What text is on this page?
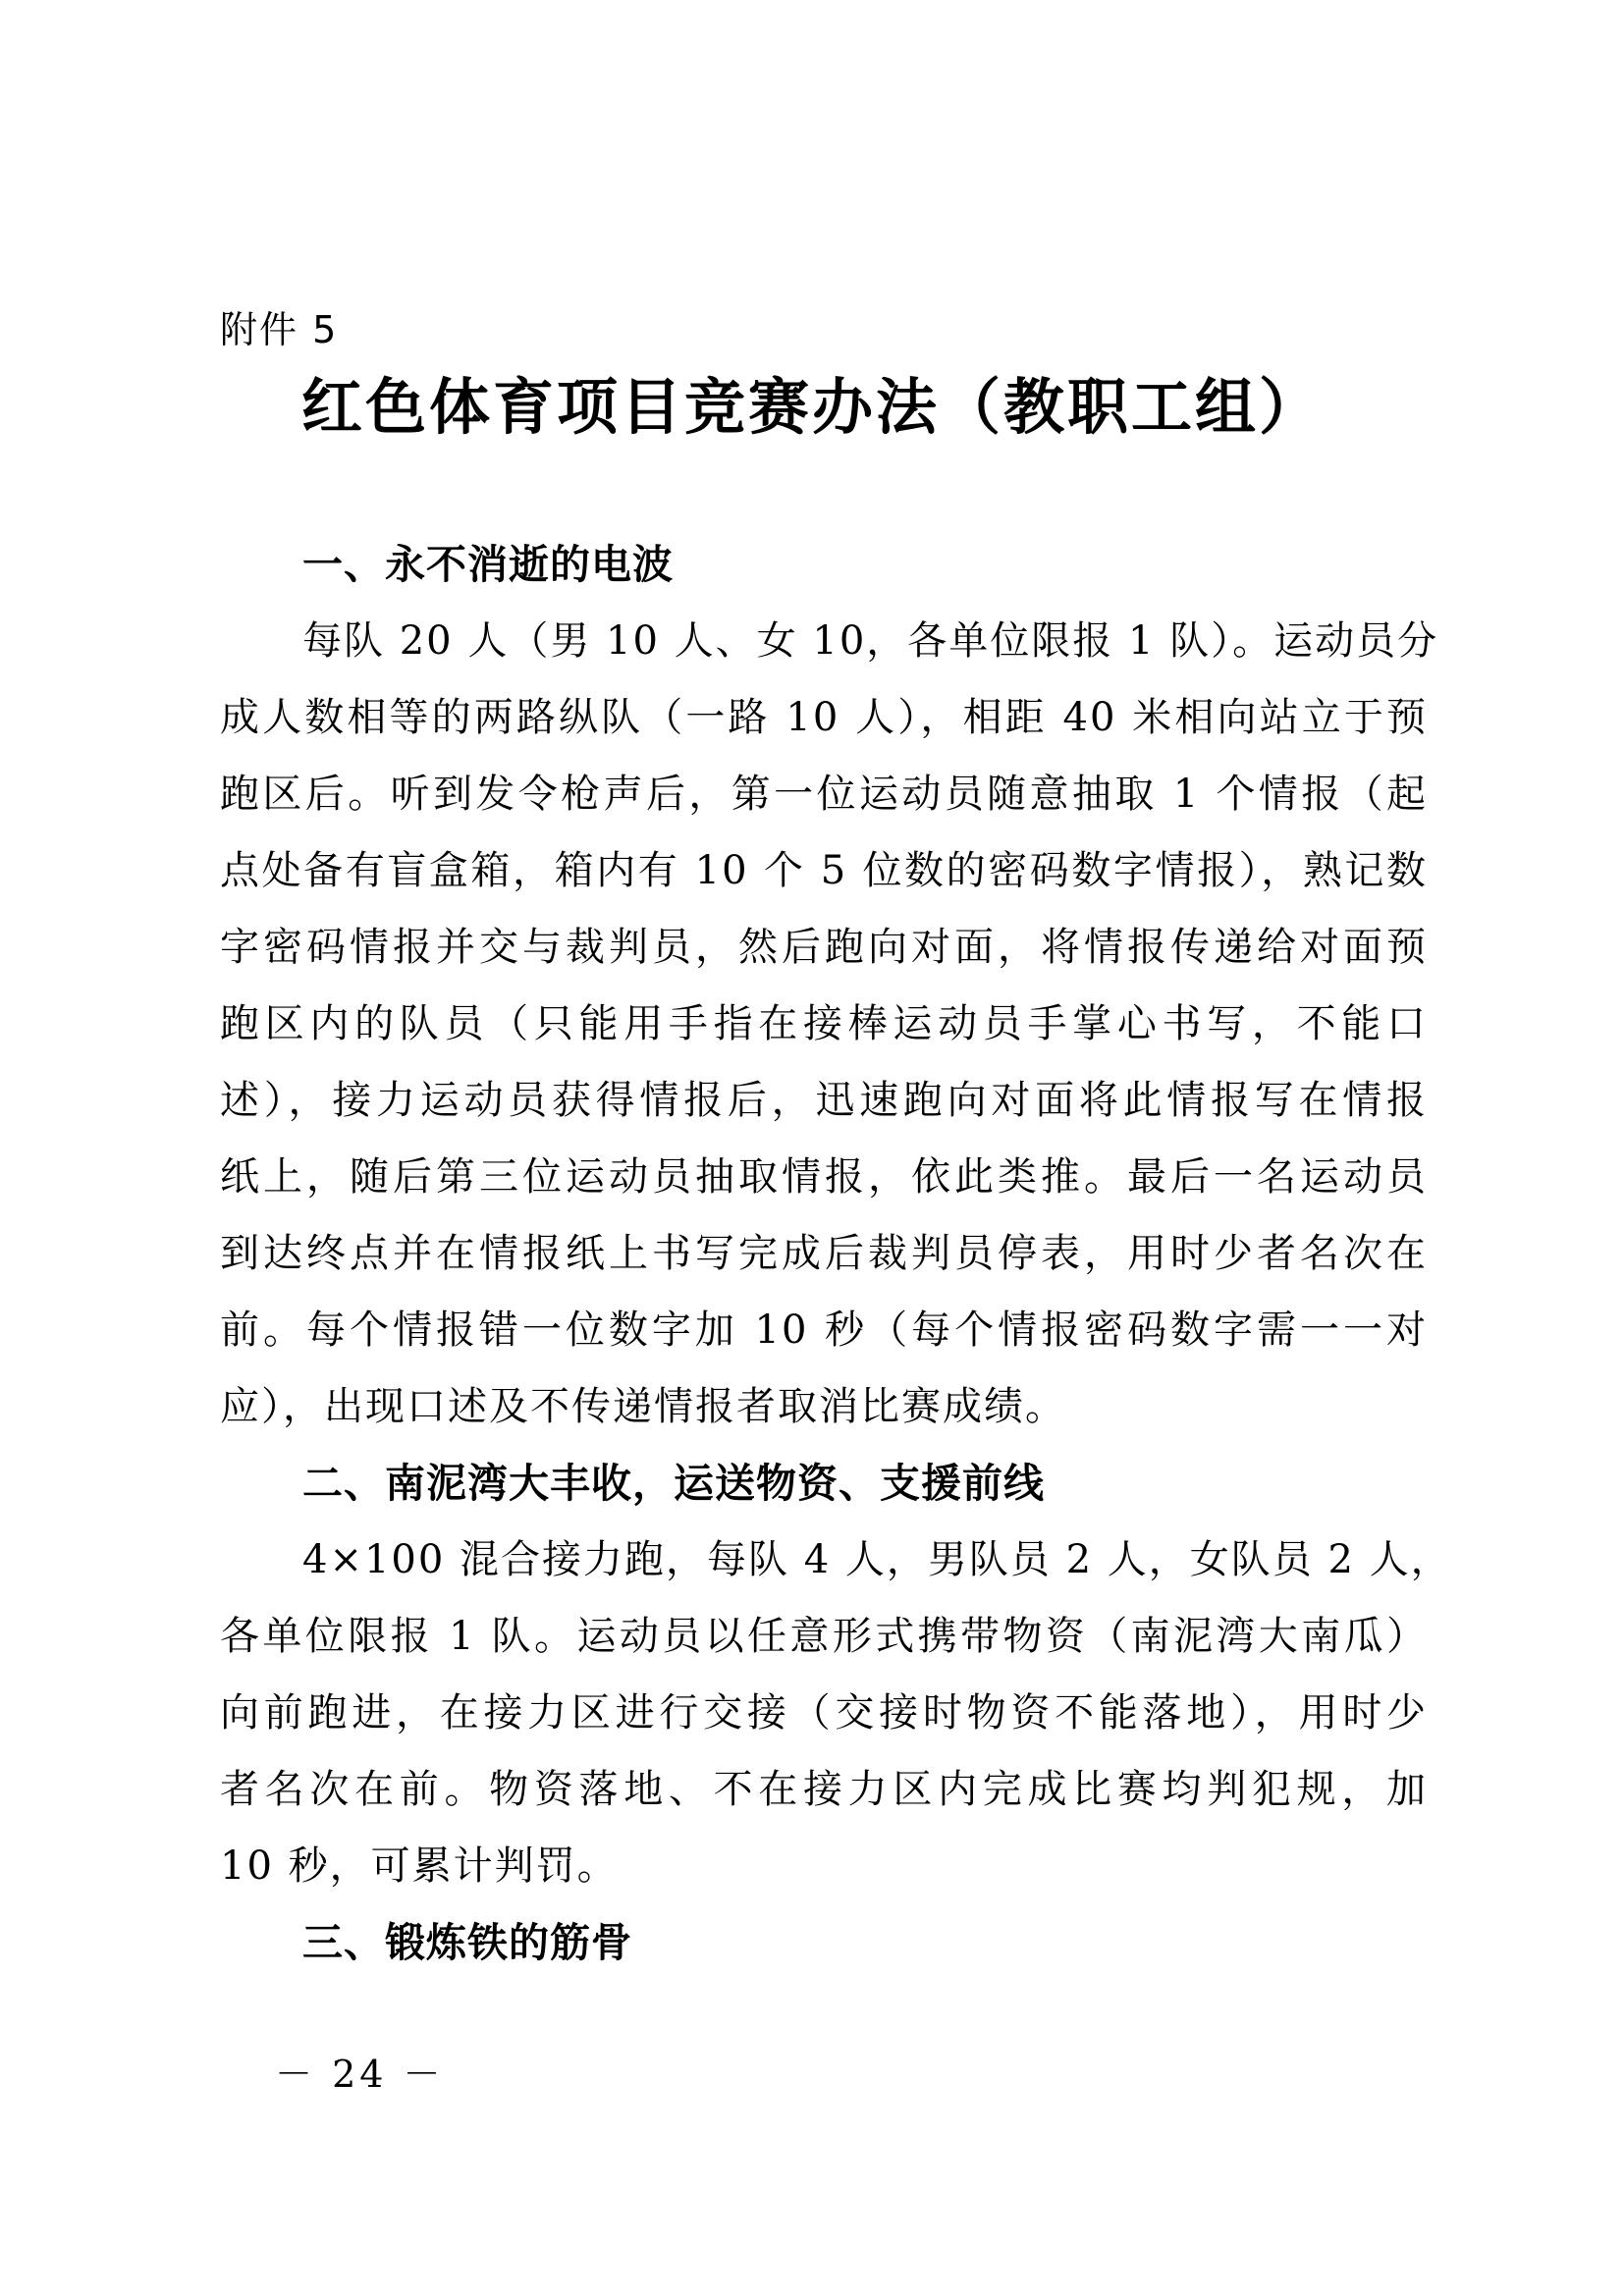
附件 5
红色体育项目竞赛办法（教职工组）
一、永不消逝的电波
每队 20 人（男 10 人、女 10，各单位限报 1 队）。运动员分
成人数相等的两路纵队（一路 10 人），相距 40 米相向站立于预
跑区后。听到发令枪声后，第一位运动员随意抽取 1 个情报（起
点处备有盲盒箱，箱内有 10 个 5 位数的密码数字情报），熟记数
字密码情报并交与裁判员，然后跑向对面，将情报传递给对面预
跑区内的队员（只能用手指在接棒运动员手掌心书写，不能口
述），接力运动员获得情报后，迅速跑向对面将此情报写在情报
纸上，随后第三位运动员抽取情报，依此类推。最后一名运动员
到达终点并在情报纸上书写完成后裁判员停表，用时少者名次在
前。每个情报错一位数字加 10 秒（每个情报密码数字需一一对
应），出现口述及不传递情报者取消比赛成绩。
二、南泥湾大丰收，运送物资、支援前线
4×100 混合接力跑，每队 4 人，男队员 2 人，女队员 2 人，
各单位限报 1 队。运动员以任意形式携带物资（南泥湾大南瓜）
向前跑进，在接力区进行交接（交接时物资不能落地），用时少
者名次在前。物资落地、不在接力区内完成比赛均判犯规，加
10 秒，可累计判罚。
三、锻炼铁的筋骨
－ 24 －
